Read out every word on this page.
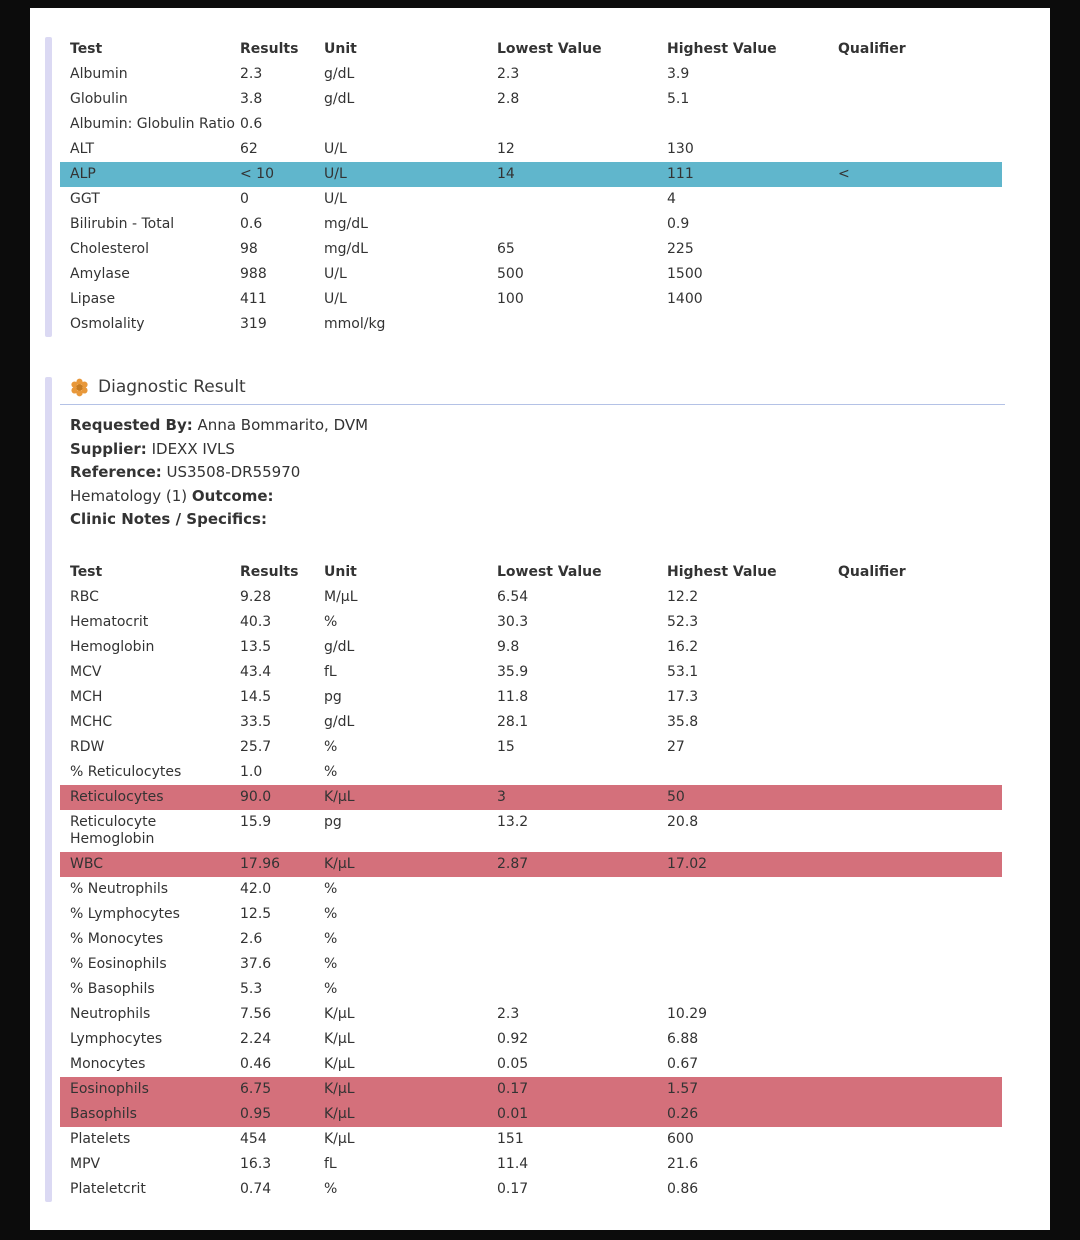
Test	Results	Unit	Lowest Value	Highest Value	Qualifier
Albumin	2.3	g/dL	2.3	3.9	
Globulin	3.8	g/dL	2.8	5.1	
Albumin: Globulin Ratio	0.6				
ALT	62	U/L	12	130	
ALP	< 10	U/L	14	111	<
GGT	0	U/L		4	
Bilirubin - Total	0.6	mg/dL		0.9	
Cholesterol	98	mg/dL	65	225	
Amylase	988	U/L	500	1500	
Lipase	411	U/L	100	1400	
Osmolality	319	mmol/kg			
Diagnostic Result

Requested By: Anna Bommarito, DVM

Supplier: IDEXX IVLS

Reference: US3508-DR55970

Hematology (1) Outcome:

Clinic Notes / Specifics:

Test	Results	Unit	Lowest Value	Highest Value	Qualifier
RBC	9.28	M/µL	6.54	12.2	
Hematocrit	40.3	%	30.3	52.3	
Hemoglobin	13.5	g/dL	9.8	16.2	
MCV	43.4	fL	35.9	53.1	
MCH	14.5	pg	11.8	17.3	
MCHC	33.5	g/dL	28.1	35.8	
RDW	25.7	%	15	27	
% Reticulocytes	1.0	%			
Reticulocytes	90.0	K/µL	3	50	
Reticulocyte Hemoglobin	15.9	pg	13.2	20.8	
WBC	17.96	K/µL	2.87	17.02	
% Neutrophils	42.0	%			
% Lymphocytes	12.5	%			
% Monocytes	2.6	%			
% Eosinophils	37.6	%			
% Basophils	5.3	%			
Neutrophils	7.56	K/µL	2.3	10.29	
Lymphocytes	2.24	K/µL	0.92	6.88	
Monocytes	0.46	K/µL	0.05	0.67	
Eosinophils	6.75	K/µL	0.17	1.57	
Basophils	0.95	K/µL	0.01	0.26	
Platelets	454	K/µL	151	600	
MPV	16.3	fL	11.4	21.6	
Plateletcrit	0.74	%	0.17	0.86	
